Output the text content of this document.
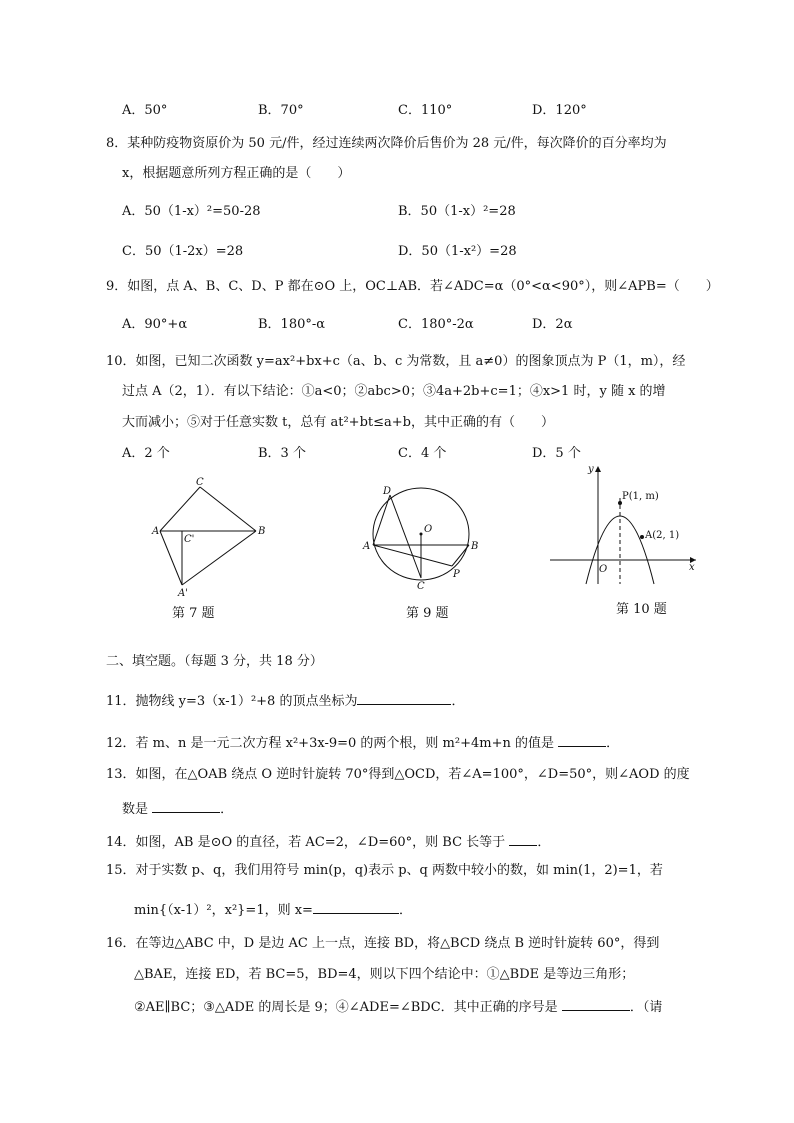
A．50°	B．70°	C．110°	D．120°
8．某种防疫物资原价为 50 元/件，经过连续两次降价后售价为 28 元/件，每次降价的百分率均为
x，根据题意所列方程正确的是（　　）
A．50（1-x）²=50-28	B．50（1-x）²=28
C．50（1-2x）=28	D．50（1-x²）=28
9．如图，点 A、B、C、D、P 都在⊙O 上，OC⊥AB．若∠ADC=α（0°<α<90°），则∠APB=（　　）
A．90°+α	B．180°-α	C．180°-2α	D．2α
10．如图，已知二次函数 y=ax²+bx+c（a、b、c 为常数，且 a≠0）的图象顶点为 P（1，m），经
过点 A（2，1）．有以下结论：①a<0；②abc>0；③4a+2b+c=1；④x>1 时，y 随 x 的增
大而减小；⑤对于任意实数 t，总有 at²+bt≤a+b，其中正确的有（　　）
A．2 个	B．3 个	C．4 个	D．5 个
C
A
C'
B
A'
第 7 题
D
O
A	B
C
P
第 9 题
y
P(1, m)
A(2, 1)
O	x
第 10 题
二、填空题。（每题 3 分，共 18 分）
11．抛物线 y=3（x-1）²+8 的顶点坐标为	．
12．若 m、n 是一元二次方程 x²+3x-9=0 的两个根，则 m²+4m+n 的值是	．
13．如图，在△OAB 绕点 O 逆时针旋转 70°得到△OCD，若∠A=100°，∠D=50°，则∠AOD 的度
数是	．
14．如图，AB 是⊙O 的直径，若 AC=2，∠D=60°，则 BC 长等于 ．
15．对于实数 p、q，我们用符号 min(p，q)表示 p、q 两数中较小的数，如 min(1，2)=1，若
min{（x-1）²，x²}=1，则 x=	．
16．在等边△ABC 中，D 是边 AC 上一点，连接 BD，将△BCD 绕点 B 逆时针旋转 60°，得到
△BAE，连接 ED，若 BC=5，BD=4，则以下四个结论中：①△BDE 是等边三角形；
②AE∥BC；③△ADE 的周长是 9；④∠ADE=∠BDC．其中正确的序号是	．（请
